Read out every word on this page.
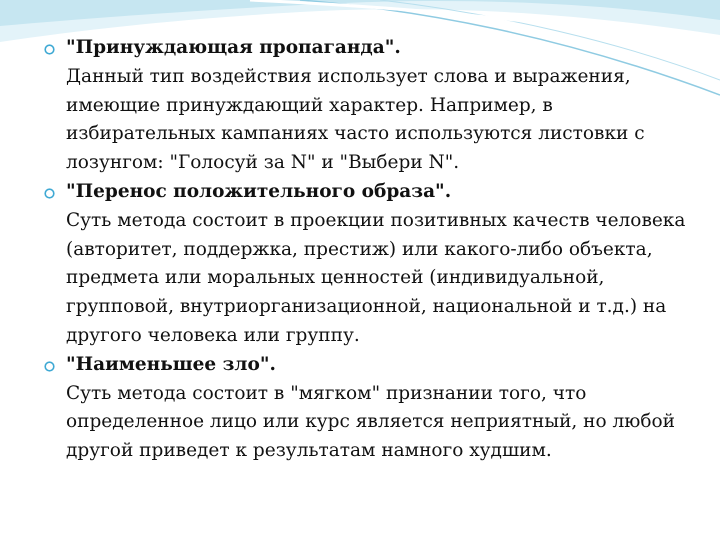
"Принуждающая пропаганда".
Данный тип воздействия использует слова и выражения, имеющие принуждающий характер. Например, в избирательных кампаниях часто используются листовки с лозунгом: "Голосуй за N" и "Выбери N".
"Перенос положительного образа".
Суть метода состоит в проекции позитивных качеств человека (авторитет, поддержка, престиж) или какого-либо объекта, предмета или моральных ценностей (индивидуальной, групповой, внутриорганизационной, национальной и т.д.) на другого человека или группу.
"Наименьшее зло".
Суть метода состоит в "мягком" признании того, что определенное лицо или курс является неприятный, но любой другой приведет к результатам намного худшим.
